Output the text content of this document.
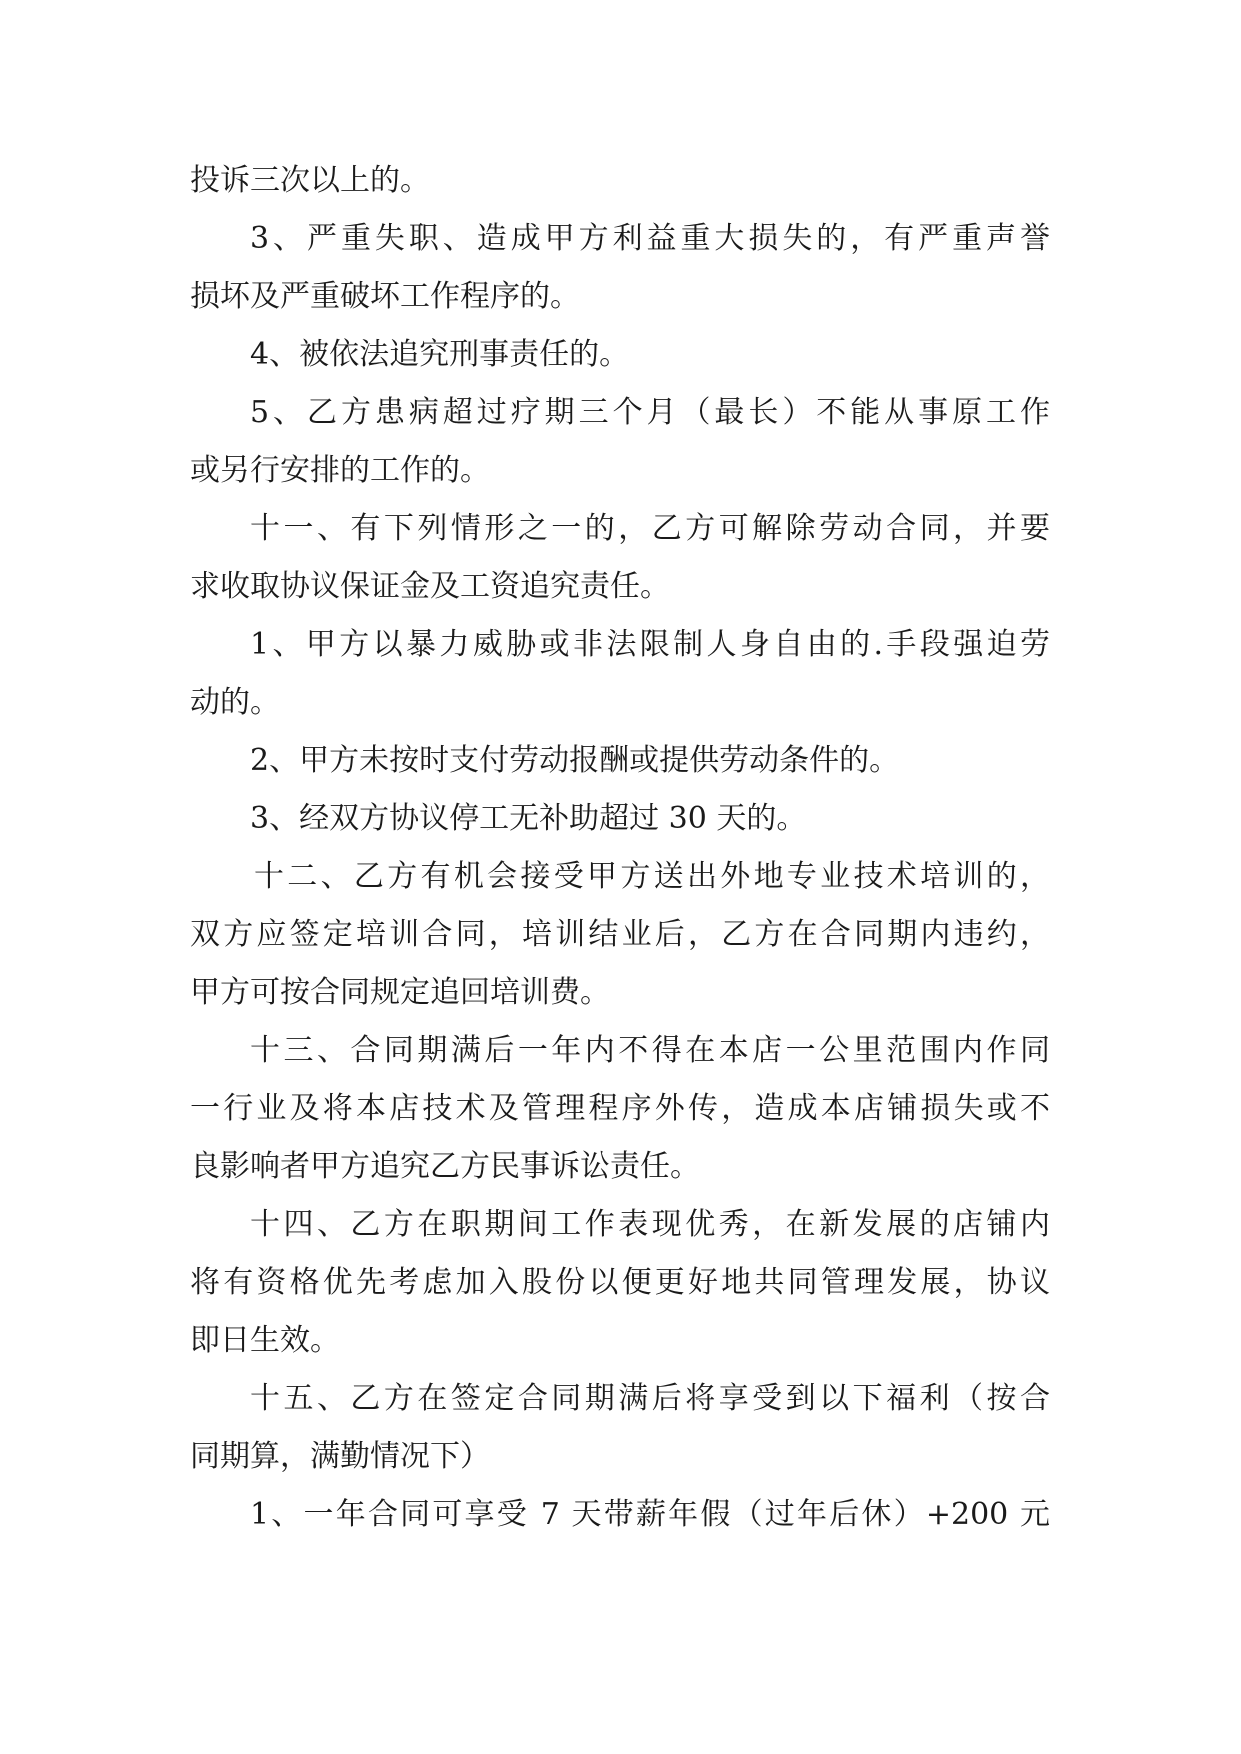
投诉三次以上的。

3、严重失职、造成甲方利益重大损失的，有严重声誉
损坏及严重破坏工作程序的。

4、被依法追究刑事责任的。

5、乙方患病超过疗期三个月（最长）不能从事原工作
或另行安排的工作的。

十一、有下列情形之一的，乙方可解除劳动合同，并要
求收取协议保证金及工资追究责任。

1、甲方以暴力威胁或非法限制人身自由的.手段强迫劳
动的。

2、甲方未按时支付劳动报酬或提供劳动条件的。

3、经双方协议停工无补助超过 30 天的。

十二、乙方有机会接受甲方送出外地专业技术培训的，
双方应签定培训合同，培训结业后，乙方在合同期内违约，
甲方可按合同规定追回培训费。

十三、合同期满后一年内不得在本店一公里范围内作同
一行业及将本店技术及管理程序外传，造成本店铺损失或不
良影响者甲方追究乙方民事诉讼责任。

十四、乙方在职期间工作表现优秀，在新发展的店铺内
将有资格优先考虑加入股份以便更好地共同管理发展，协议
即日生效。

十五、乙方在签定合同期满后将享受到以下福利（按合
同期算，满勤情况下）

1、一年合同可享受 7 天带薪年假（过年后休）+200 元
